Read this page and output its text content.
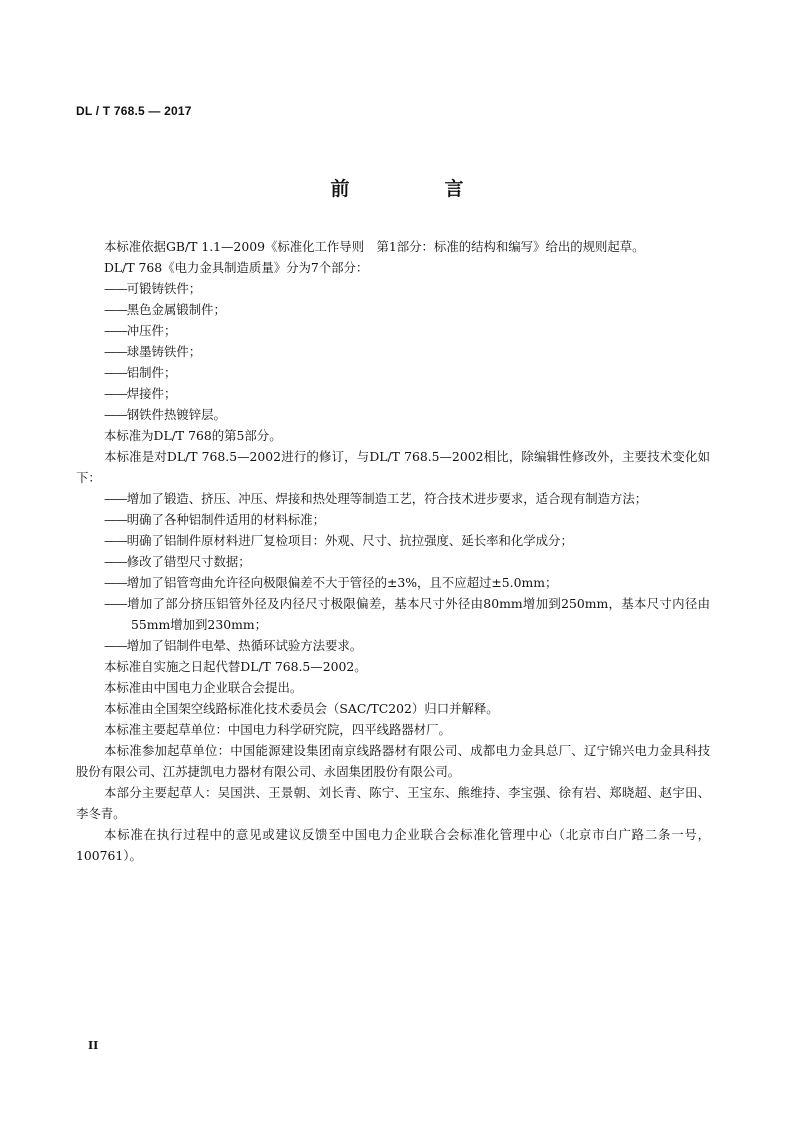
DL / T 768.5 — 2017
前　言

本标准依据GB/T 1.1—2009《标准化工作导则　第1部分：标准的结构和编写》给出的规则起草。

DL/T 768《电力金具制造质量》分为7个部分：

——可锻铸铁件；
——黑色金属锻制件；
——冲压件；
——球墨铸铁件；
——铝制件；
——焊接件；
——钢铁件热镀锌层。

本标准为DL/T 768的第5部分。

本标准是对DL/T 768.5—2002进行的修订，与DL/T 768.5—2002相比，除编辑性修改外，主要技术变化如下：

——增加了锻造、挤压、冲压、焊接和热处理等制造工艺，符合技术进步要求，适合现有制造方法；
——明确了各种铝制件适用的材料标准；
——明确了铝制件原材料进厂复检项目：外观、尺寸、抗拉强度、延长率和化学成分；
——修改了错型尺寸数据；
——增加了铝管弯曲允许径向极限偏差不大于管径的±3%，且不应超过±5.0mm；
——增加了部分挤压铝管外径及内径尺寸极限偏差，基本尺寸外径由80mm增加到250mm，基本尺寸内径由55mm增加到230mm；
——增加了铝制件电晕、热循环试验方法要求。

本标准自实施之日起代替DL/T 768.5—2002。

本标准由中国电力企业联合会提出。

本标准由全国架空线路标准化技术委员会（SAC/TC202）归口并解释。

本标准主要起草单位：中国电力科学研究院，四平线路器材厂。

本标准参加起草单位：中国能源建设集团南京线路器材有限公司、成都电力金具总厂、辽宁锦兴电力金具科技股份有限公司、江苏捷凯电力器材有限公司、永固集团股份有限公司。

本部分主要起草人：吴国洪、王景朝、刘长青、陈宁、王宝东、熊维持、李宝强、徐有岩、郑晓超、赵宇田、李冬青。

本标准在执行过程中的意见或建议反馈至中国电力企业联合会标准化管理中心（北京市白广路二条一号，100761）。

II
